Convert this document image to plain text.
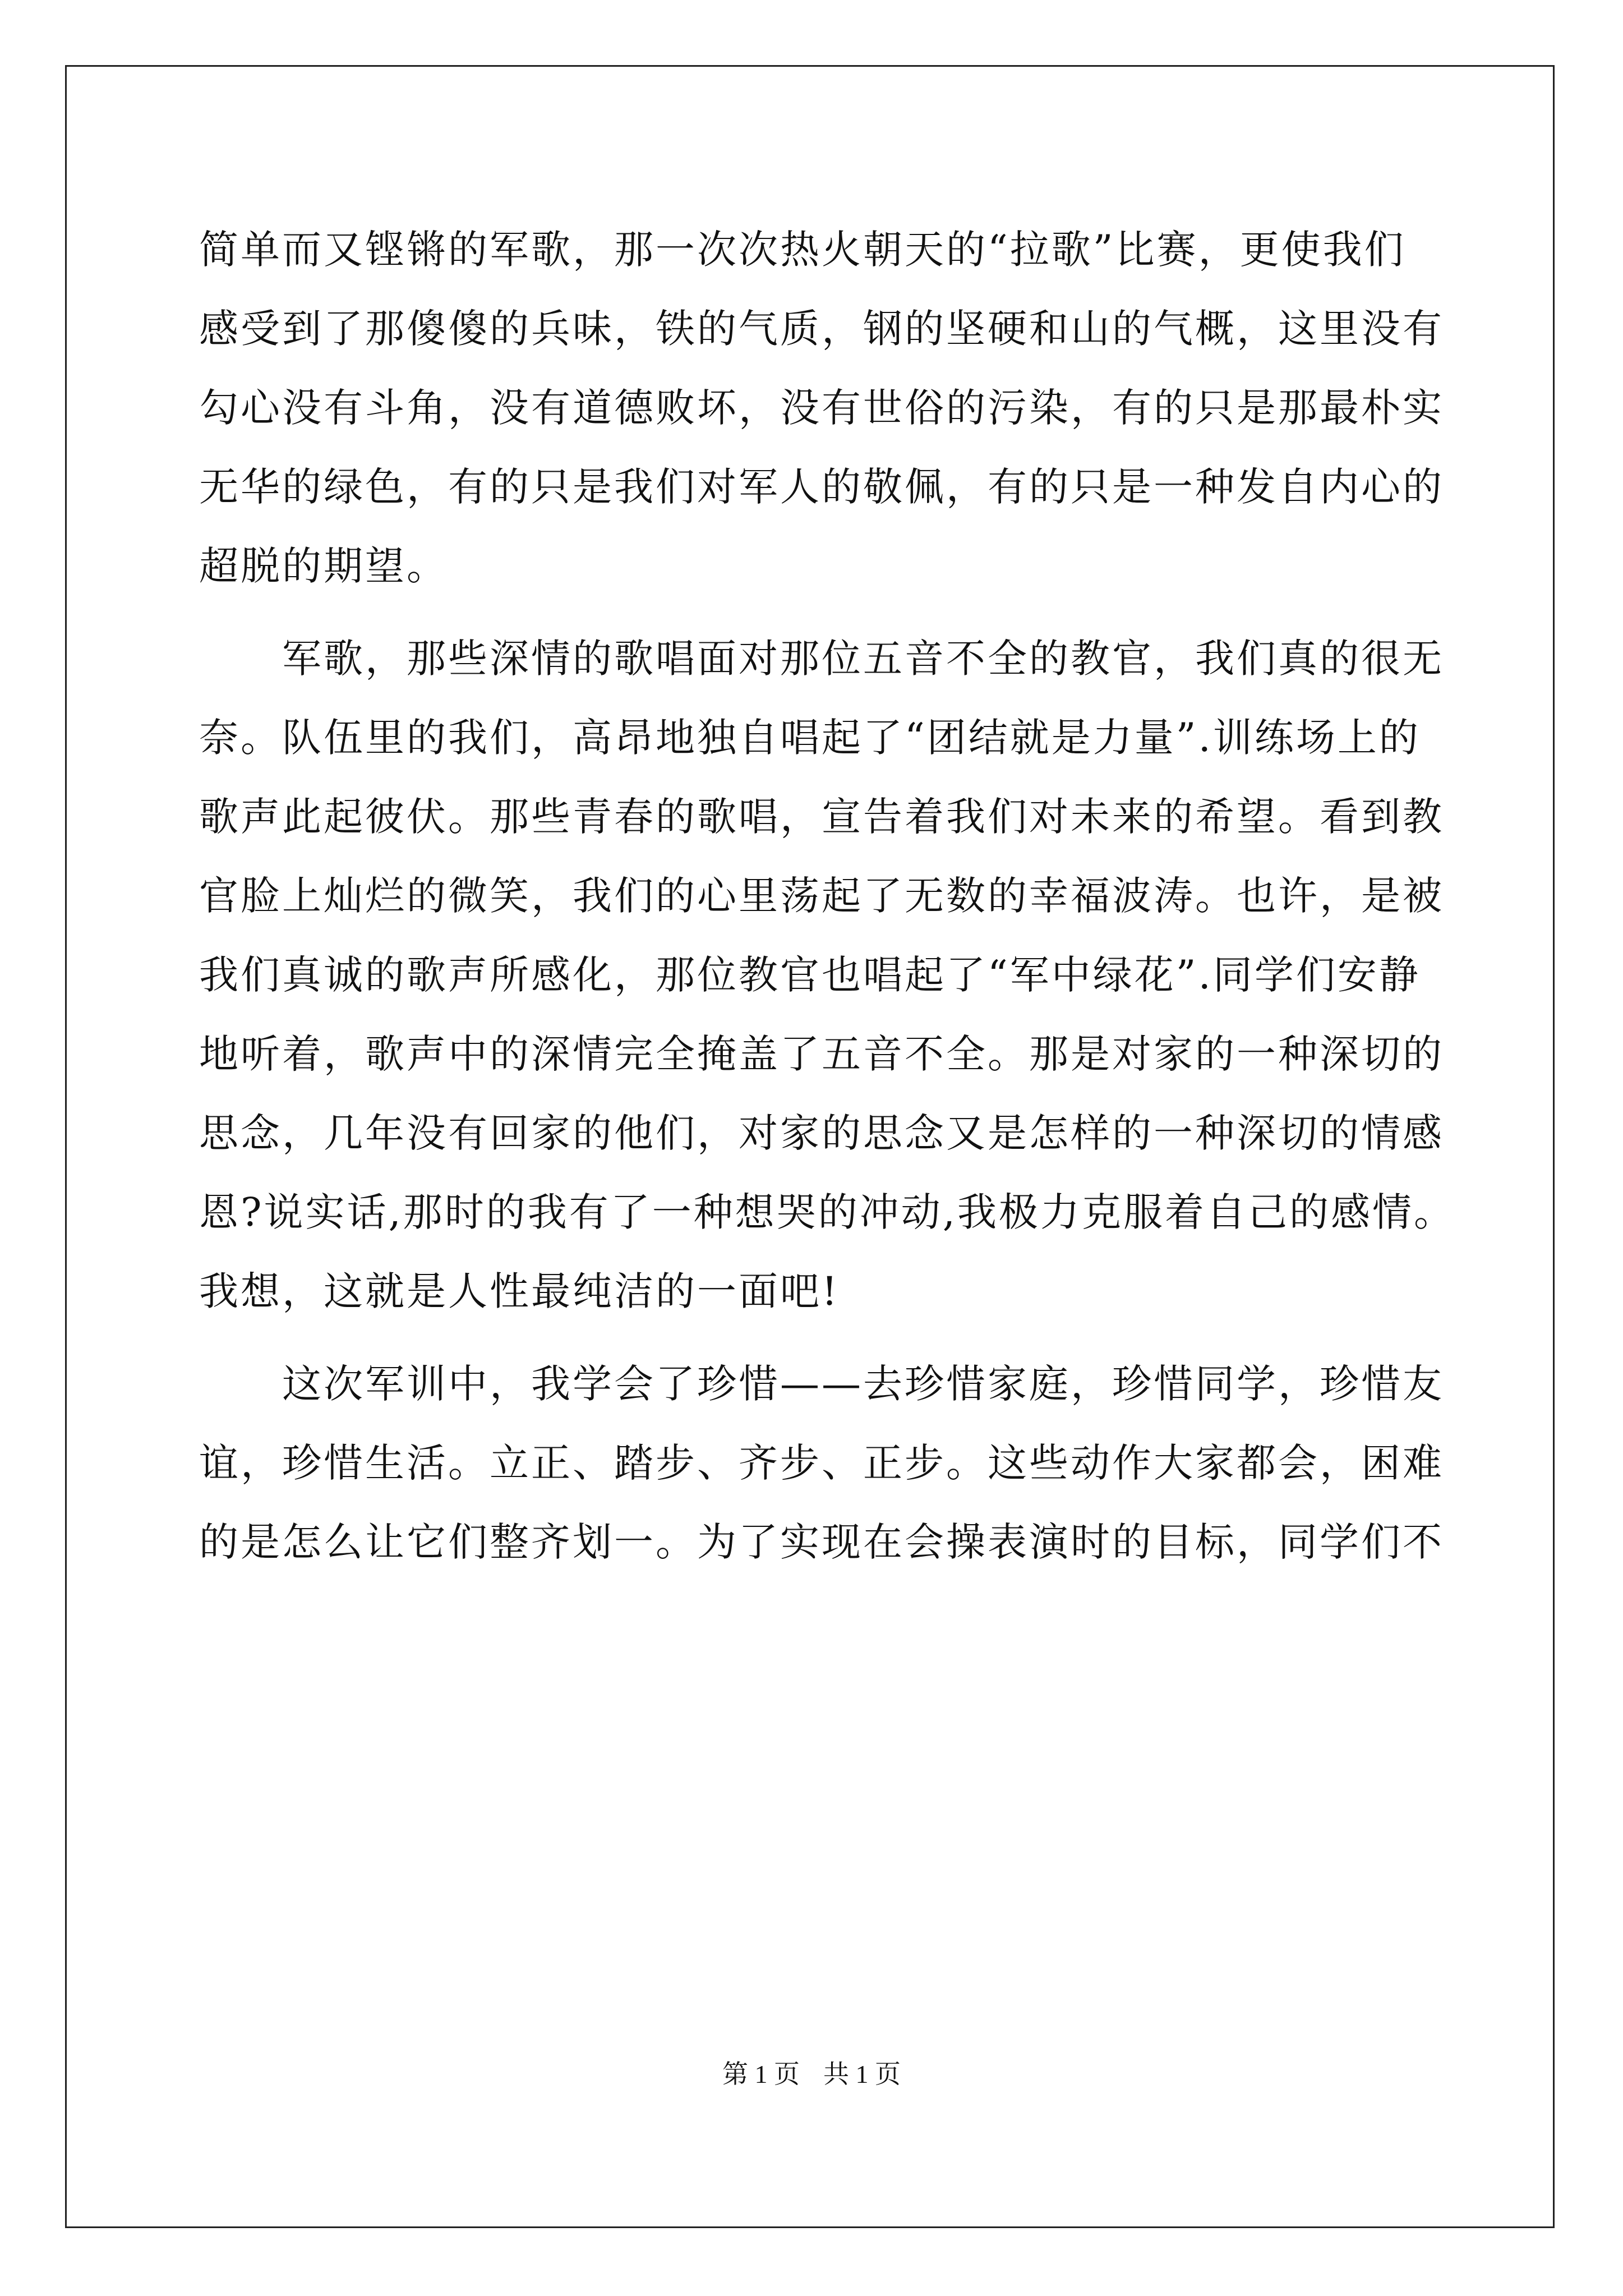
简单而又铿锵的军歌，那一次次热火朝天的“拉歌”比赛，更使我们
感受到了那傻傻的兵味，铁的气质，钢的坚硬和山的气概，这里没有
勾心没有斗角，没有道德败坏，没有世俗的污染，有的只是那最朴实
无华的绿色，有的只是我们对军人的敬佩，有的只是一种发自内心的
超脱的期望。
　　军歌，那些深情的歌唱面对那位五音不全的教官，我们真的很无
奈。队伍里的我们，高昂地独自唱起了“团结就是力量”.训练场上的
歌声此起彼伏。那些青春的歌唱，宣告着我们对未来的希望。看到教
官脸上灿烂的微笑，我们的心里荡起了无数的幸福波涛。也许，是被
我们真诚的歌声所感化，那位教官也唱起了“军中绿花”.同学们安静
地听着，歌声中的深情完全掩盖了五音不全。那是对家的一种深切的
思念，几年没有回家的他们，对家的思念又是怎样的一种深切的情感
恩?说实话,那时的我有了一种想哭的冲动,我极力克服着自己的感情。
我想，这就是人性最纯洁的一面吧!
　　这次军训中，我学会了珍惜——去珍惜家庭，珍惜同学，珍惜友
谊，珍惜生活。立正、踏步、齐步、正步。这些动作大家都会，困难
的是怎么让它们整齐划一。为了实现在会操表演时的目标，同学们不
第 1 页 共 1 页
